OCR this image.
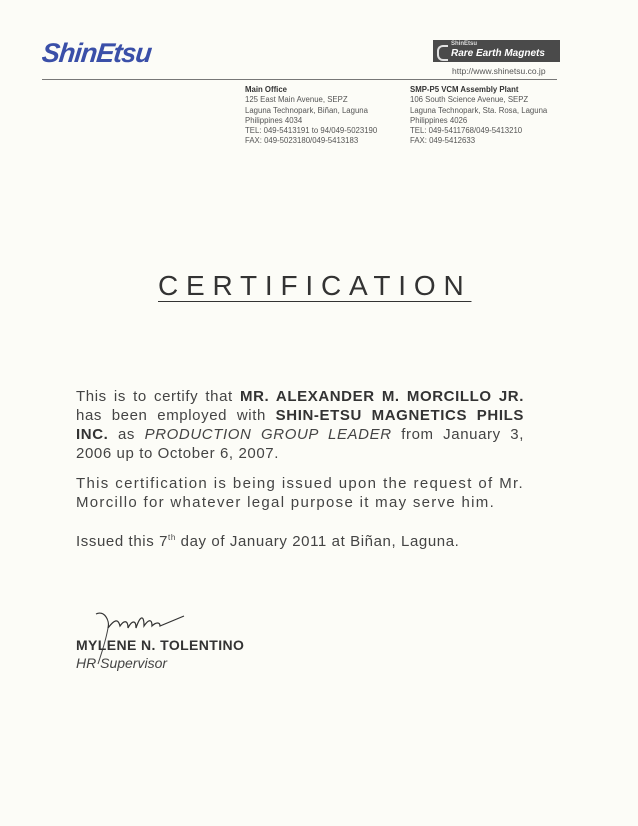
ShinEtsu	ShinEtsu
Rare Earth Magnets
http://www.shinetsu.co.jp
Main Office
125 East Main Avenue, SEPZ
Laguna Technopark, Biñan, Laguna
Philippines 4034
TEL: 049-5413191 to 94/049-5023190
FAX: 049-5023180/049-5413183
SMP-P5 VCM Assembly Plant
106 South Science Avenue, SEPZ
Laguna Technopark, Sta. Rosa, Laguna
Philippines 4026
TEL: 049-5411768/049-5413210
FAX: 049-5412633
CERTIFICATION
This is to certify that MR. ALEXANDER M. MORCILLO JR. has been employed with SHIN-ETSU MAGNETICS PHILS INC. as PRODUCTION GROUP LEADER from January 3, 2006 up to October 6, 2007.
This certification is being issued upon the request of Mr. Morcillo for whatever legal purpose it may serve him.
Issued this 7th day of January 2011 at Biñan, Laguna.
MYLENE N. TOLENTINO
HR Supervisor
